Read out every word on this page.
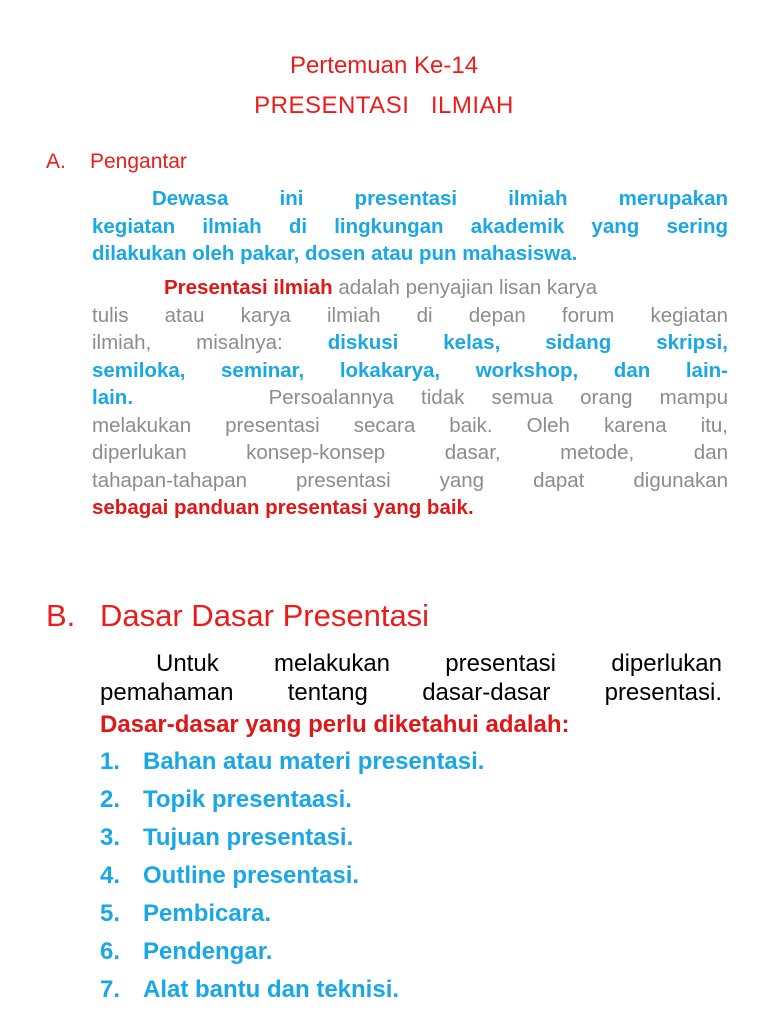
Pertemuan Ke-14
PRESENTASI   ILMIAH
A. Pengantar
Dewasa ini presentasi ilmiah merupakan
kegiatan ilmiah di lingkungan akademik yang sering
dilakukan oleh pakar, dosen atau pun mahasiswa.
Presentasi ilmiah adalah penyajian lisan karya
tulis atau karya ilmiah di depan forum kegiatan
ilmiah, misalnya: diskusi kelas, sidang skripsi,
semiloka, seminar, lokakarya, workshop, dan lain-
lain.	Persoalannya tidak semua orang mampu
melakukan presentasi secara baik. Oleh karena itu,
diperlukan konsep-konsep dasar, metode, dan
tahapan-tahapan presentasi yang dapat digunakan
sebagai panduan presentasi yang baik.
B. Dasar Dasar Presentasi
Untuk melakukan presentasi diperlukan
pemahaman tentang dasar-dasar presentasi.
Dasar-dasar yang perlu diketahui adalah:
1. Bahan atau materi presentasi.
2. Topik presentaasi.
3. Tujuan presentasi.
4. Outline presentasi.
5. Pembicara.
6. Pendengar.
7. Alat bantu dan teknisi.
